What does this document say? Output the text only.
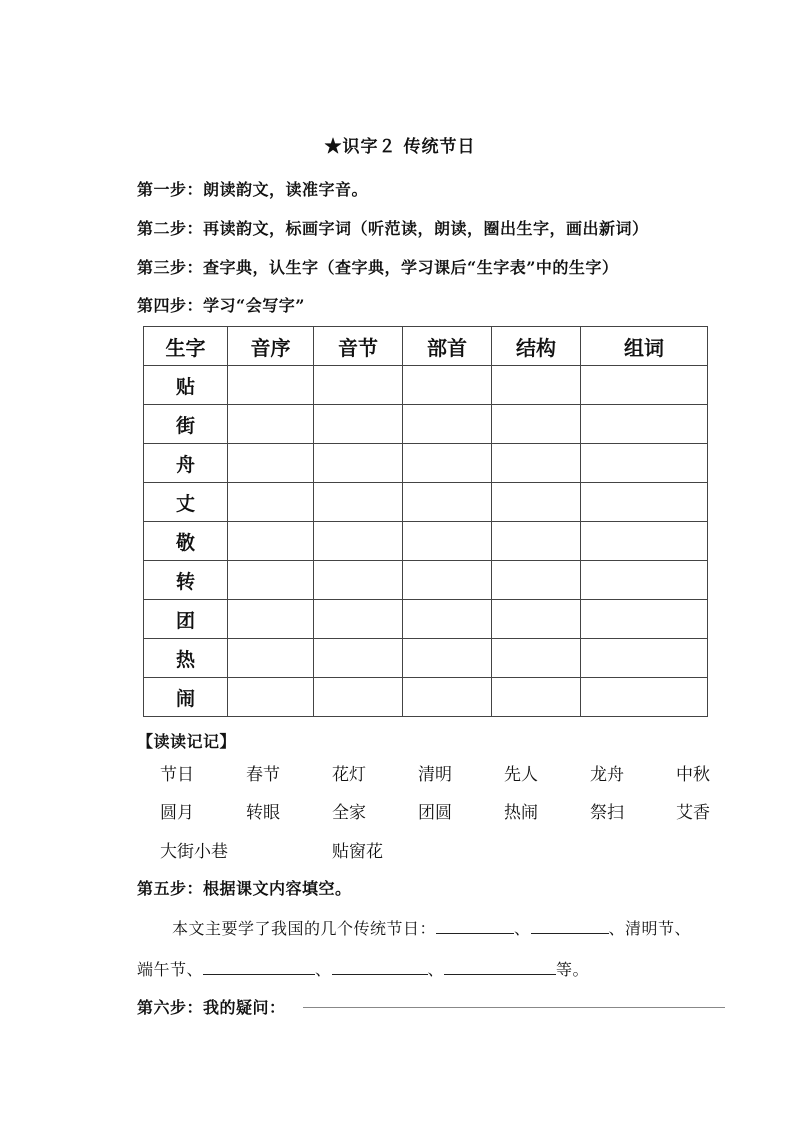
★识字２ 传统节日
第一步：朗读韵文，读准字音。
第二步：再读韵文，标画字词（听范读，朗读，圈出生字，画出新词）
第三步：查字典，认生字（查字典，学习课后“生字表”中的生字）
第四步：学习“会写字”
生字	音序	音节	部首	结构	组词
贴					
街					
舟					
丈					
敬					
转					
团					
热					
闹					
【读读记记】
节日	春节	花灯	清明	先人	龙舟	中秋
圆月	转眼	全家	团圆	热闹	祭扫	艾香
大街小巷	贴窗花
第五步：根据课文内容填空。
本文主要学了我国的几个传统节日：	、	、清明节、
端午节、	、	、	等。
第六步：我的疑问：
